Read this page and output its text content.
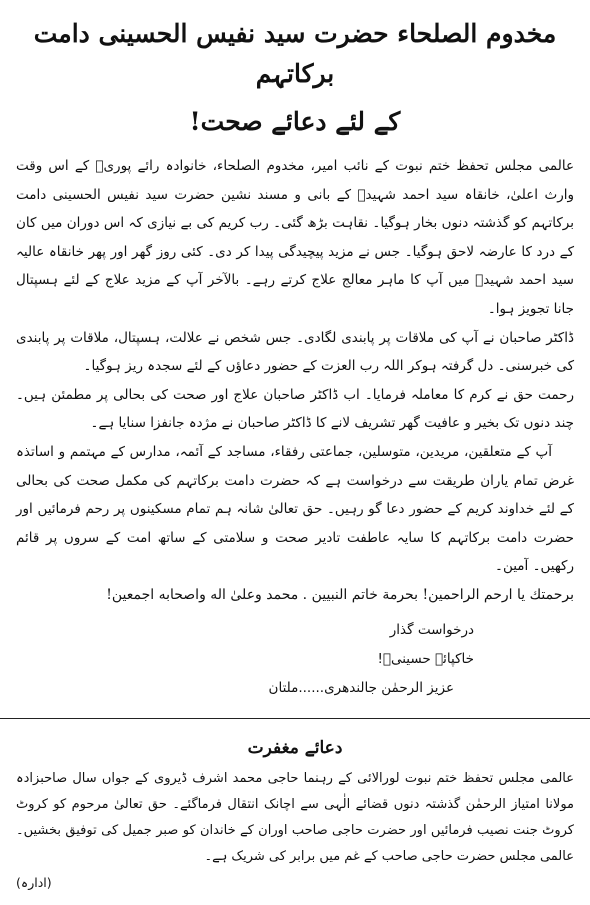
مخدوم الصلحاء حضرت سید نفیس الحسینی دامت برکاتہم
کے لئے دعائے صحت!

عالمی مجلس تحفظ ختم نبوت کے نائب امیر، مخدوم الصلحاء، خانوادہ رائے پوریؒ کے اس وقت وارث اعلیٰ، خانقاہ سید احمد شہیدؒ کے بانی و مسند نشین حضرت سید نفیس الحسینی دامت برکاتہم کو گذشتہ دنوں بخار ہوگیا۔ نقاہت بڑھ گئی۔ رب کریم کی بے نیازی کہ اس دوران میں کان کے درد کا عارضہ لاحق ہوگیا۔ جس نے مزید پیچیدگی پیدا کر دی۔ کئی روز گھر اور پھر خانقاہ عالیہ سید احمد شہیدؒ میں آپ کا ماہر معالج علاج کرتے رہے۔ بالآخر آپ کے مزید علاج کے لئے ہسپتال جانا تجویز ہوا۔

ڈاکٹر صاحبان نے آپ کی ملاقات پر پابندی لگادی۔ جس شخص نے علالت، ہسپتال، ملاقات پر پابندی کی خبرسنی۔ دل گرفتہ ہوکر اللہ رب العزت کے حضور دعاؤں کے لئے سجدہ ریز ہوگیا۔

رحمت حق نے کرم کا معاملہ فرمایا۔ اب ڈاکٹر صاحبان علاج اور صحت کی بحالی پر مطمئن ہیں۔ چند دنوں تک بخیر و عافیت گھر تشریف لانے کا ڈاکٹر صاحبان نے مژدہ جانفزا سنایا ہے۔

آپ کے متعلقین، مریدین، متوسلین، جماعتی رفقاء، مساجد کے آئمہ، مدارس کے مہتمم و اساتذہ غرض تمام یاران طریقت سے درخواست ہے کہ حضرت دامت برکاتہم کی مکمل صحت کی بحالی کے لئے خداوند کریم کے حضور دعا گو رہیں۔ حق تعالیٰ شانہ ہم تمام مسکینوں پر رحم فرمائیں اور حضرت دامت برکاتہم کا سایہ عاطفت تادیر صحت و سلامتی کے ساتھ امت کے سروں پر قائم رکھیں۔ آمین۔

برحمتك يا ارحم الراحمين! بحرمة خاتم النبيين . محمد وعلىٰ اله واصحابه اجمعين!

درخواست گذار
خاکپائے حسینیؒ!
عزیز الرحمٰن جالندھری......ملتان
دعائے مغفرت
عالمی مجلس تحفظ ختم نبوت لورالائی کے رہنما حاجی محمد اشرف ڈیروی کے جواں سال صاحبزادہ مولانا امتیاز الرحمٰن گذشتہ دنوں قضائے الٰہی سے اچانک انتقال فرماگئے۔ حق تعالیٰ مرحوم کو کروٹ کروٹ جنت نصیب فرمائیں اور حضرت حاجی صاحب اوران کے خاندان کو صبر جمیل کی توفیق بخشیں۔ عالمی مجلس حضرت حاجی صاحب کے غم میں برابر کی شریک ہے۔
(ادارہ)
